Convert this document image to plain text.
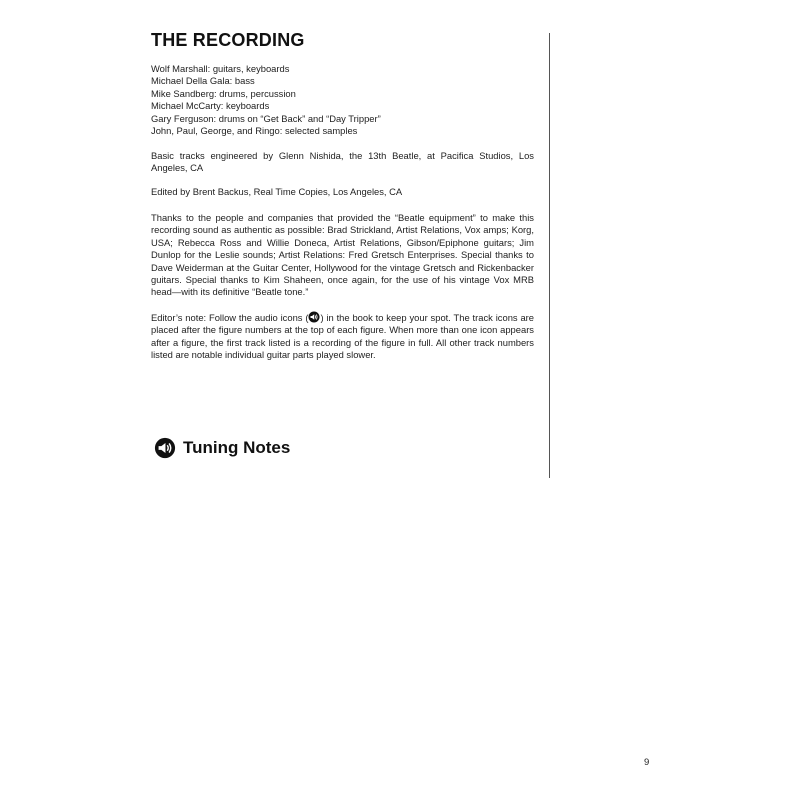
THE RECORDING
Wolf Marshall: guitars, keyboards
Michael Della Gala: bass
Mike Sandberg: drums, percussion
Michael McCarty: keyboards
Gary Ferguson: drums on “Get Back” and “Day Tripper”
John, Paul, George, and Ringo: selected samples

Basic tracks engineered by Glenn Nishida, the 13th Beatle, at Pacifica Studios, Los Angeles, CA

Edited by Brent Backus, Real Time Copies, Los Angeles, CA

Thanks to the people and companies that provided the “Beatle equipment” to make this recording sound as authentic as possible: Brad Strickland, Artist Relations, Vox amps; Korg, USA; Rebecca Ross and Willie Doneca, Artist Relations, Gibson/Epiphone guitars; Jim Dunlop for the Leslie sounds; Artist Relations: Fred Gretsch Enterprises. Special thanks to Dave Weiderman at the Guitar Center, Hollywood for the vintage Gretsch and Rickenbacker guitars. Special thanks to Kim Shaheen, once again, for the use of his vintage Vox MRB head—with its definitive “Beatle tone.”

Editor’s note: Follow the audio icons ( ) in the book to keep your spot. The track icons are placed after the figure numbers at the top of each figure. When more than one icon appears after a figure, the first track listed is a recording of the figure in full. All other track numbers listed are notable individual guitar parts played slower.

Tuning Notes
9
